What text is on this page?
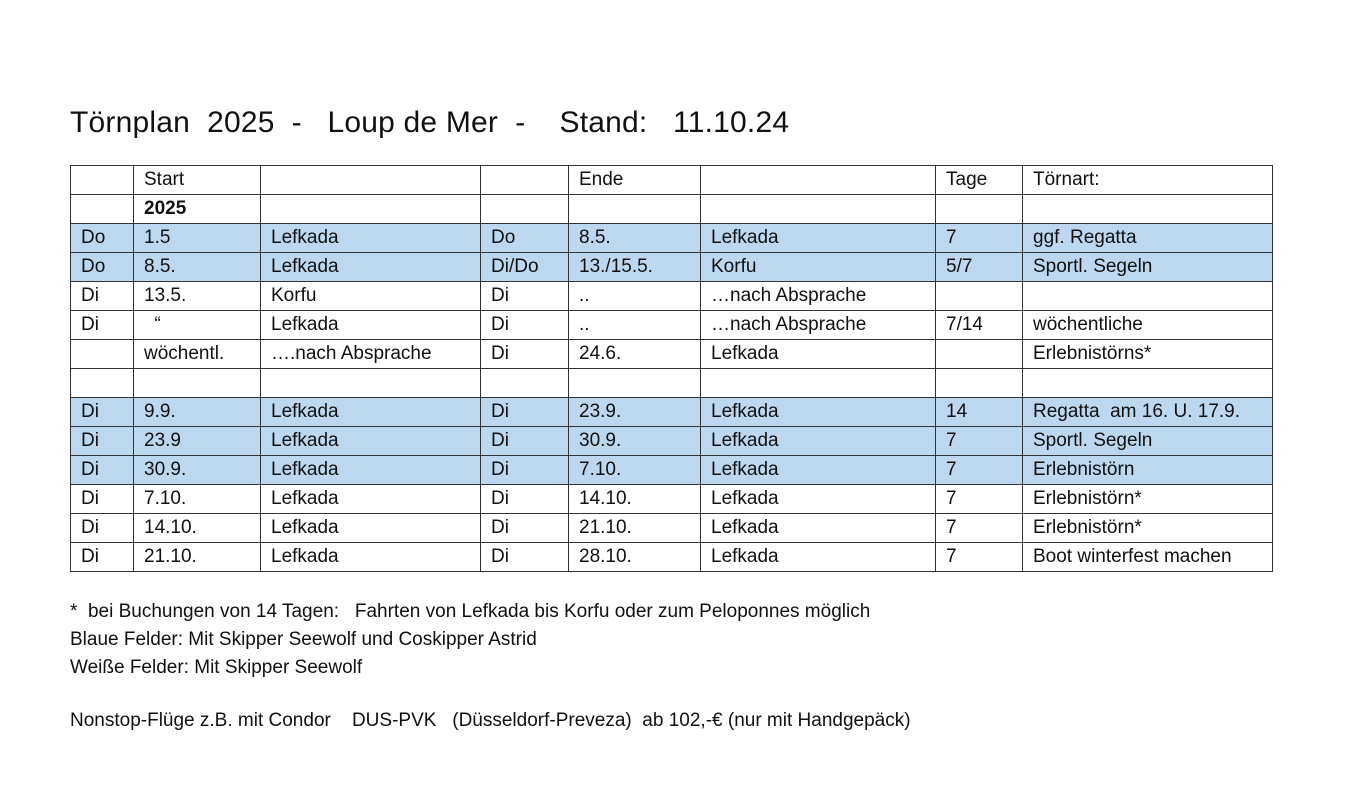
Törnplan  2025  -   Loup de Mer  -    Stand:   11.10.24
	Start			Ende		Tage	Törnart:
	2025						
Do	1.5	Lefkada	Do	8.5.	Lefkada	7	ggf. Regatta
Do	8.5.	Lefkada	Di/Do	13./15.5.	Korfu	5/7	Sportl. Segeln
Di	13.5.	Korfu	Di	..	…nach Absprache		
Di	“	Lefkada	Di	..	…nach Absprache	7/14	wöchentliche
	wöchentl.	….nach Absprache	Di	24.6.	Lefkada		Erlebnistörns*

Di	9.9.	Lefkada	Di	23.9.	Lefkada	14	Regatta  am 16. U. 17.9.
Di	23.9	Lefkada	Di	30.9.	Lefkada	7	Sportl. Segeln
Di	30.9.	Lefkada	Di	7.10.	Lefkada	7	Erlebnistörn
Di	7.10.	Lefkada	Di	14.10.	Lefkada	7	Erlebnistörn*
Di	14.10.	Lefkada	Di	21.10.	Lefkada	7	Erlebnistörn*
Di	21.10.	Lefkada	Di	28.10.	Lefkada	7	Boot winterfest machen
*  bei Buchungen von 14 Tagen:   Fahrten von Lefkada bis Korfu oder zum Peloponnes möglich
Blaue Felder: Mit Skipper Seewolf und Coskipper Astrid
Weiße Felder: Mit Skipper Seewolf
Nonstop-Flüge z.B. mit Condor    DUS-PVK   (Düsseldorf-Preveza)  ab 102,-€ (nur mit Handgepäck)
